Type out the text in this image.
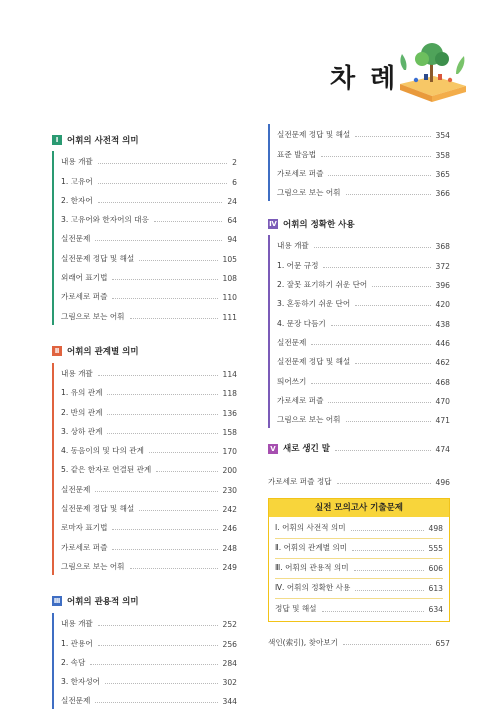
차 례
Ⅰ	어휘의 사전적 의미
내용 개괄	2
1. 고유어	6
2. 한자어	24
3. 고유어와 한자어의 대응	64
실전문제	94
실전문제 정답 및 해설	105
외래어 표기법	108
가로세로 퍼즐	110
그림으로 보는 어휘	111
Ⅱ 어휘의 관계별 의미
내용 개괄	114
1. 유의 관계	118
2. 반의 관계	136
3. 상하 관계	158
4. 동음이의 및 다의 관계	170
5. 같은 한자로 연결된 관계	200
실전문제	230
실전문제 정답 및 해설	242
로마자 표기법	246
가로세로 퍼즐	248
그림으로 보는 어휘	249
Ⅲ 어휘의 관용적 의미
내용 개괄	252
1. 관용어	256
2. 속담	284
3. 한자성어	302
실전문제	344
실전문제 정답 및 해설	354
표준 발음법	358
가로세로 퍼즐	365
그림으로 보는 어휘	366
Ⅳ 어휘의 정확한 사용
내용 개괄	368
1. 어문 규정	372
2. 잘못 표기하기 쉬운 단어	396
3. 혼동하기 쉬운 단어	420
4. 문장 다듬기	438
실전문제	446
실전문제 정답 및 해설	462
띄어쓰기	468
가로세로 퍼즐	470
그림으로 보는 어휘	471
Ⅴ 새로 생긴 말	474
가로세로 퍼즐 정답	496
실전 모의고사 기출문제
Ⅰ. 어휘의 사전적 의미	498
Ⅱ. 어휘의 관계별 의미	555
Ⅲ. 어휘의 관용적 의미	606
Ⅳ. 어휘의 정확한 사용	613
정답 및 해설	634
색인(索引), 찾아보기	657
